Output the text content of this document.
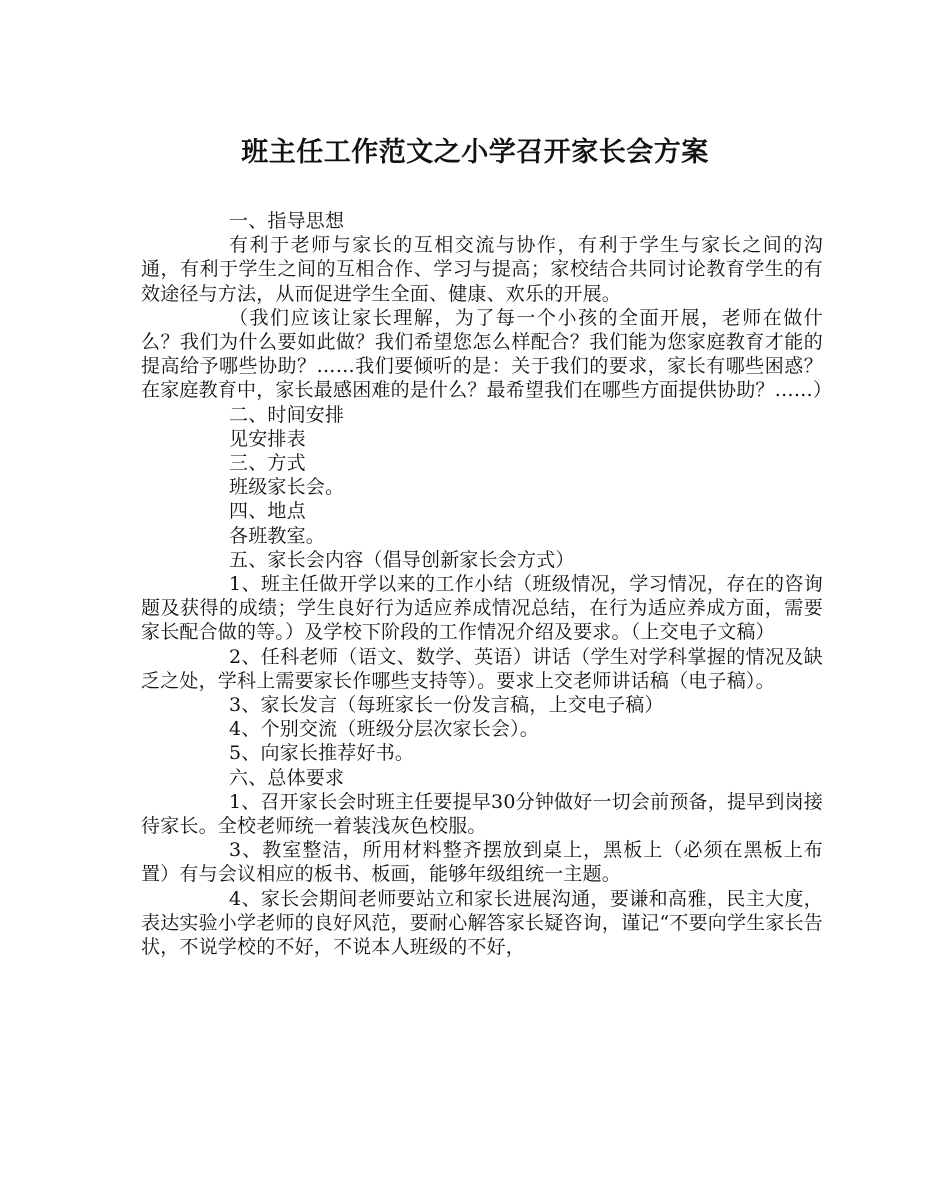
班主任工作范文之小学召开家长会方案

一、指导思想

有利于老师与家长的互相交流与协作，有利于学生与家长之间的沟通，有利于学生之间的互相合作、学习与提高；家校结合共同讨论教育学生的有效途径与方法，从而促进学生全面、健康、欢乐的开展。

（我们应该让家长理解，为了每一个小孩的全面开展，老师在做什么？我们为什么要如此做？我们希望您怎么样配合？我们能为您家庭教育才能的提高给予哪些协助？……我们要倾听的是：关于我们的要求，家长有哪些困惑？在家庭教育中，家长最感困难的是什么？最希望我们在哪些方面提供协助？……）

二、时间安排

见安排表

三、方式

班级家长会。

四、地点

各班教室。

五、家长会内容（倡导创新家长会方式）

1、班主任做开学以来的工作小结（班级情况，学习情况，存在的咨询题及获得的成绩；学生良好行为适应养成情况总结，在行为适应养成方面，需要家长配合做的等。）及学校下阶段的工作情况介绍及要求。（上交电子文稿）

2、任科老师（语文、数学、英语）讲话（学生对学科掌握的情况及缺乏之处，学科上需要家长作哪些支持等）。要求上交老师讲话稿（电子稿）。

3、家长发言（每班家长一份发言稿，上交电子稿）

4、个别交流（班级分层次家长会）。

5、向家长推荐好书。

六、总体要求

1、召开家长会时班主任要提早30分钟做好一切会前预备，提早到岗接待家长。全校老师统一着装浅灰色校服。

3、教室整洁，所用材料整齐摆放到桌上，黑板上（必须在黑板上布置）有与会议相应的板书、板画，能够年级组统一主题。

4、家长会期间老师要站立和家长进展沟通，要谦和高雅，民主大度，表达实验小学老师的良好风范，要耐心解答家长疑咨询，谨记“不要向学生家长告状，不说学校的不好，不说本人班级的不好，
